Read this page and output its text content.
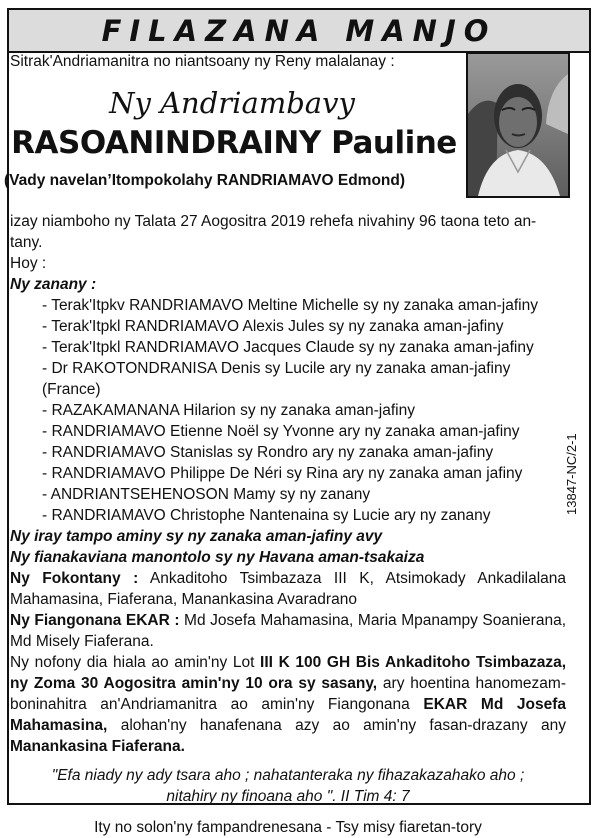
FILAZANA MANJO
Sitrak'Andriamanitra no niantsoany ny Reny malalanay :
Ny Andriambavy
RASOANINDRAINY Pauline
(Vady navelan’Itompokolahy RANDRIAMAVO Edmond)

izay niamboho ny Talata 27 Aogositra 2019 rehefa nivahiny 96 taona teto an-tany.

Hoy :

Ny zanany :

- Terak'Itpkv RANDRIAMAVO Meltine Michelle sy ny zanaka aman-jafiny

- Terak'Itpkl RANDRIAMAVO Alexis Jules sy ny zanaka aman-jafiny

- Terak'Itpkl RANDRIAMAVO Jacques Claude sy ny zanaka aman-jafiny

- Dr RAKOTONDRANISA Denis sy Lucile ary ny zanaka aman-jafiny (France)

- RAZAKAMANANA Hilarion sy ny zanaka aman-jafiny

- RANDRIAMAVO Etienne Noël sy Yvonne ary ny zanaka aman-jafiny

- RANDRIAMAVO Stanislas sy Rondro ary ny zanaka aman-jafiny

- RANDRIAMAVO Philippe De Néri sy Rina ary ny zanaka aman jafiny

- ANDRIANTSEHENOSON Mamy sy ny zanany

- RANDRIAMAVO Christophe Nantenaina sy Lucie ary ny zanany

Ny iray tampo aminy sy ny zanaka aman-jafiny avy

Ny fianakaviana manontolo sy ny Havana aman-tsakaiza

Ny Fokontany : Ankaditoho Tsimbazaza III K, Atsimokady Ankadilalana Mahamasina, Fiaferana, Manankasina Avaradrano

Ny Fiangonana EKAR : Md Josefa Mahamasina, Maria Mpanampy Soanierana, Md Misely Fiaferana.

Ny nofony dia hiala ao amin'ny Lot III K 100 GH Bis Ankaditoho Tsimbazaza, ny Zoma 30 Aogositra amin'ny 10 ora sy sasany, ary hoentina hanomezam-boninahitra an'Andriamanitra ao amin'ny Fiangonana EKAR Md Josefa Mahamasina, alohan'ny hanafenana azy ao amin'ny fasan-drazany any Manankasina Fiaferana.

"Efa niady ny ady tsara aho ; nahatanteraka ny fihazakazahako aho ;
nitahiry ny finoana aho ". II Tim 4: 7

Ity no solon'ny fampandrenesana - Tsy misy fiaretan-tory

13847-NC/2-1
